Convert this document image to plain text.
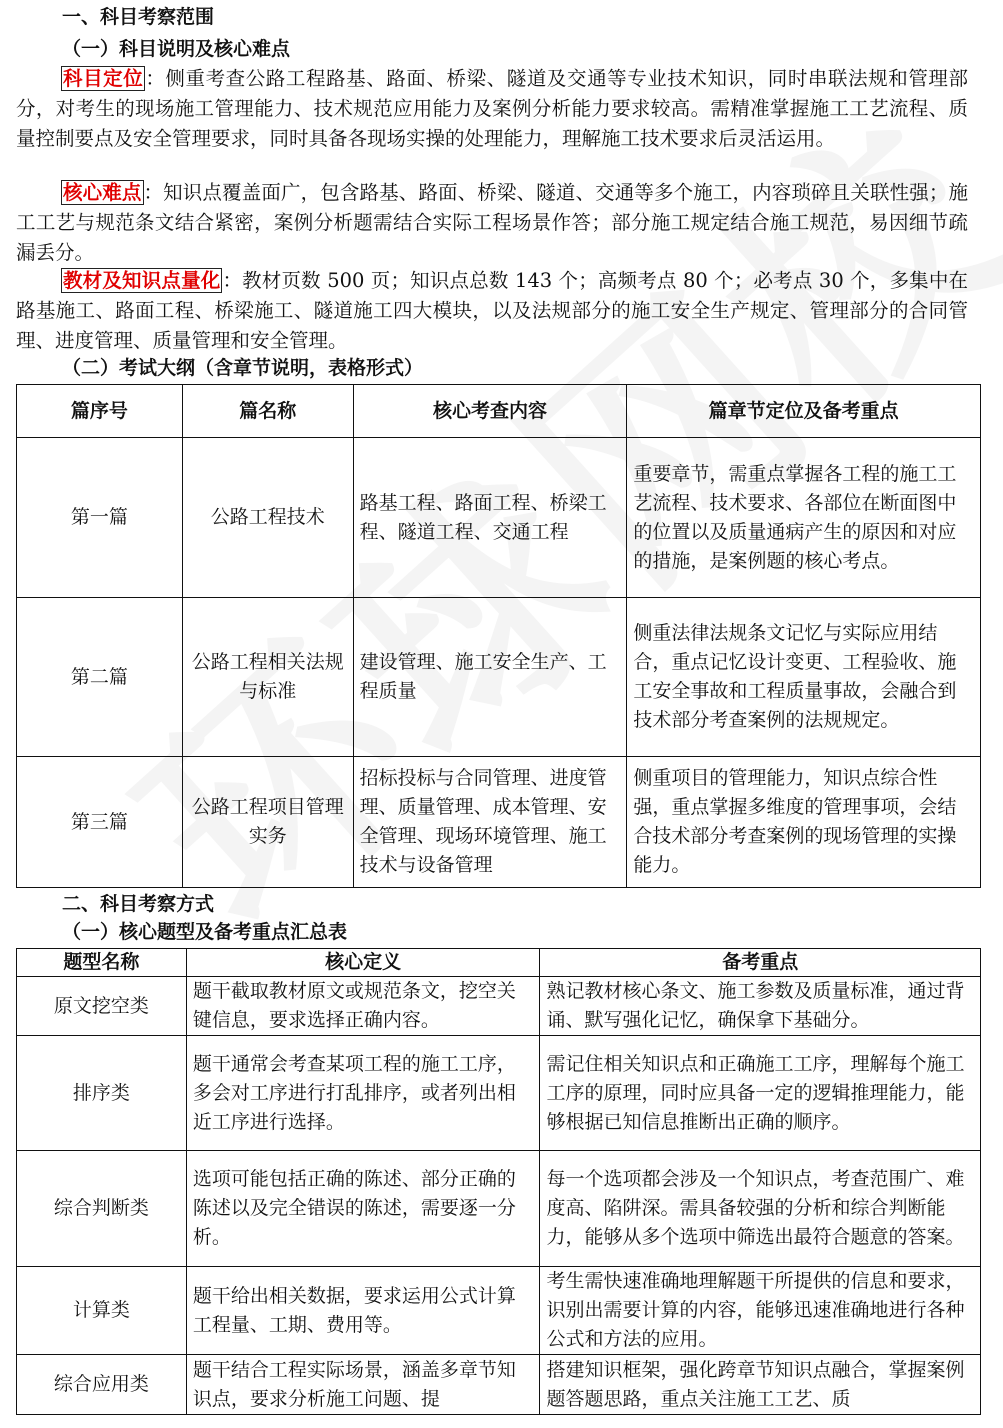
一、科目考察范围
（一）科目说明及核心难点
科目定位 ：侧重考查公路工程路基、路面、桥梁、隧道及交通等专业技术知识，同时串联法规和管理部分，对考生的现场施工管理能力、技术规范应用能力及案例分析能力要求较高。需精准掌握施工工艺流程、质量控制要点及安全管理要求，同时具备各现场实操的处理能力，理解施工技术要求后灵活运用。
核心难点 ：知识点覆盖面广，包含路基、路面、桥梁、隧道、交通等多个施工，内容琐碎且关联性强；施工工艺与规范条文结合紧密，案例分析题需结合实际工程场景作答；部分施工规定结合施工规范，易因细节疏漏丢分。
教材及知识点量化 ：教材页数 500 页；知识点总数 143 个；高频考点 80 个；必考点 30 个，多集中在路基施工、路面工程、桥梁施工、隧道施工四大模块，以及法规部分的施工安全生产规定、管理部分的合同管理、进度管理、质量管理和安全管理。
（二）考试大纲（含章节说明，表格形式）
篇序号	篇名称	核心考查内容	篇章节定位及备考重点
第一篇	公路工程技术	路基工程、路面工程、桥梁工程、隧道工程、交通工程	重要章节，需重点掌握各工程的施工工艺流程、技术要求、各部位在断面图中的位置以及质量通病产生的原因和对应的措施，是案例题的核心考点。
第二篇	公路工程相关法规与标准	建设管理、施工安全生产、工程质量	侧重法律法规条文记忆与实际应用结合，重点记忆设计变更、工程验收、施工安全事故和工程质量事故，会融合到技术部分考查案例的法规规定。
第三篇	公路工程项目管理实务	招标投标与合同管理、进度管理、质量管理、成本管理、安全管理、现场环境管理、施工技术与设备管理	侧重项目的管理能力，知识点综合性强，重点掌握多维度的管理事项，会结合技术部分考查案例的现场管理的实操能力。
二、科目考察方式
（一）核心题型及备考重点汇总表
题型名称	核心定义	备考重点
原文挖空类	题干截取教材原文或规范条文，挖空关键信息，要求选择正确内容。	熟记教材核心条文、施工参数及质量标准，通过背诵、默写强化记忆，确保拿下基础分。
排序类	题干通常会考查某项工程的施工工序，多会对工序进行打乱排序，或者列出相近工序进行选择。	需记住相关知识点和正确施工工序，理解每个施工工序的原理，同时应具备一定的逻辑推理能力，能够根据已知信息推断出正确的顺序。
综合判断类	选项可能包括正确的陈述、部分正确的陈述以及完全错误的陈述，需要逐一分析。	每一个选项都会涉及一个知识点，考查范围广、难度高、陷阱深。需具备较强的分析和综合判断能力，能够从多个选项中筛选出最符合题意的答案。
计算类	题干给出相关数据，要求运用公式计算工程量、工期、费用等。	考生需快速准确地理解题干所提供的信息和要求，识别出需要计算的内容，能够迅速准确地进行各种公式和方法的应用。
综合应用类	题干结合工程实际场景，涵盖多章节知识点，要求分析施工问题、提	搭建知识框架，强化跨章节知识点融合，掌握案例题答题思路，重点关注施工工艺、质
